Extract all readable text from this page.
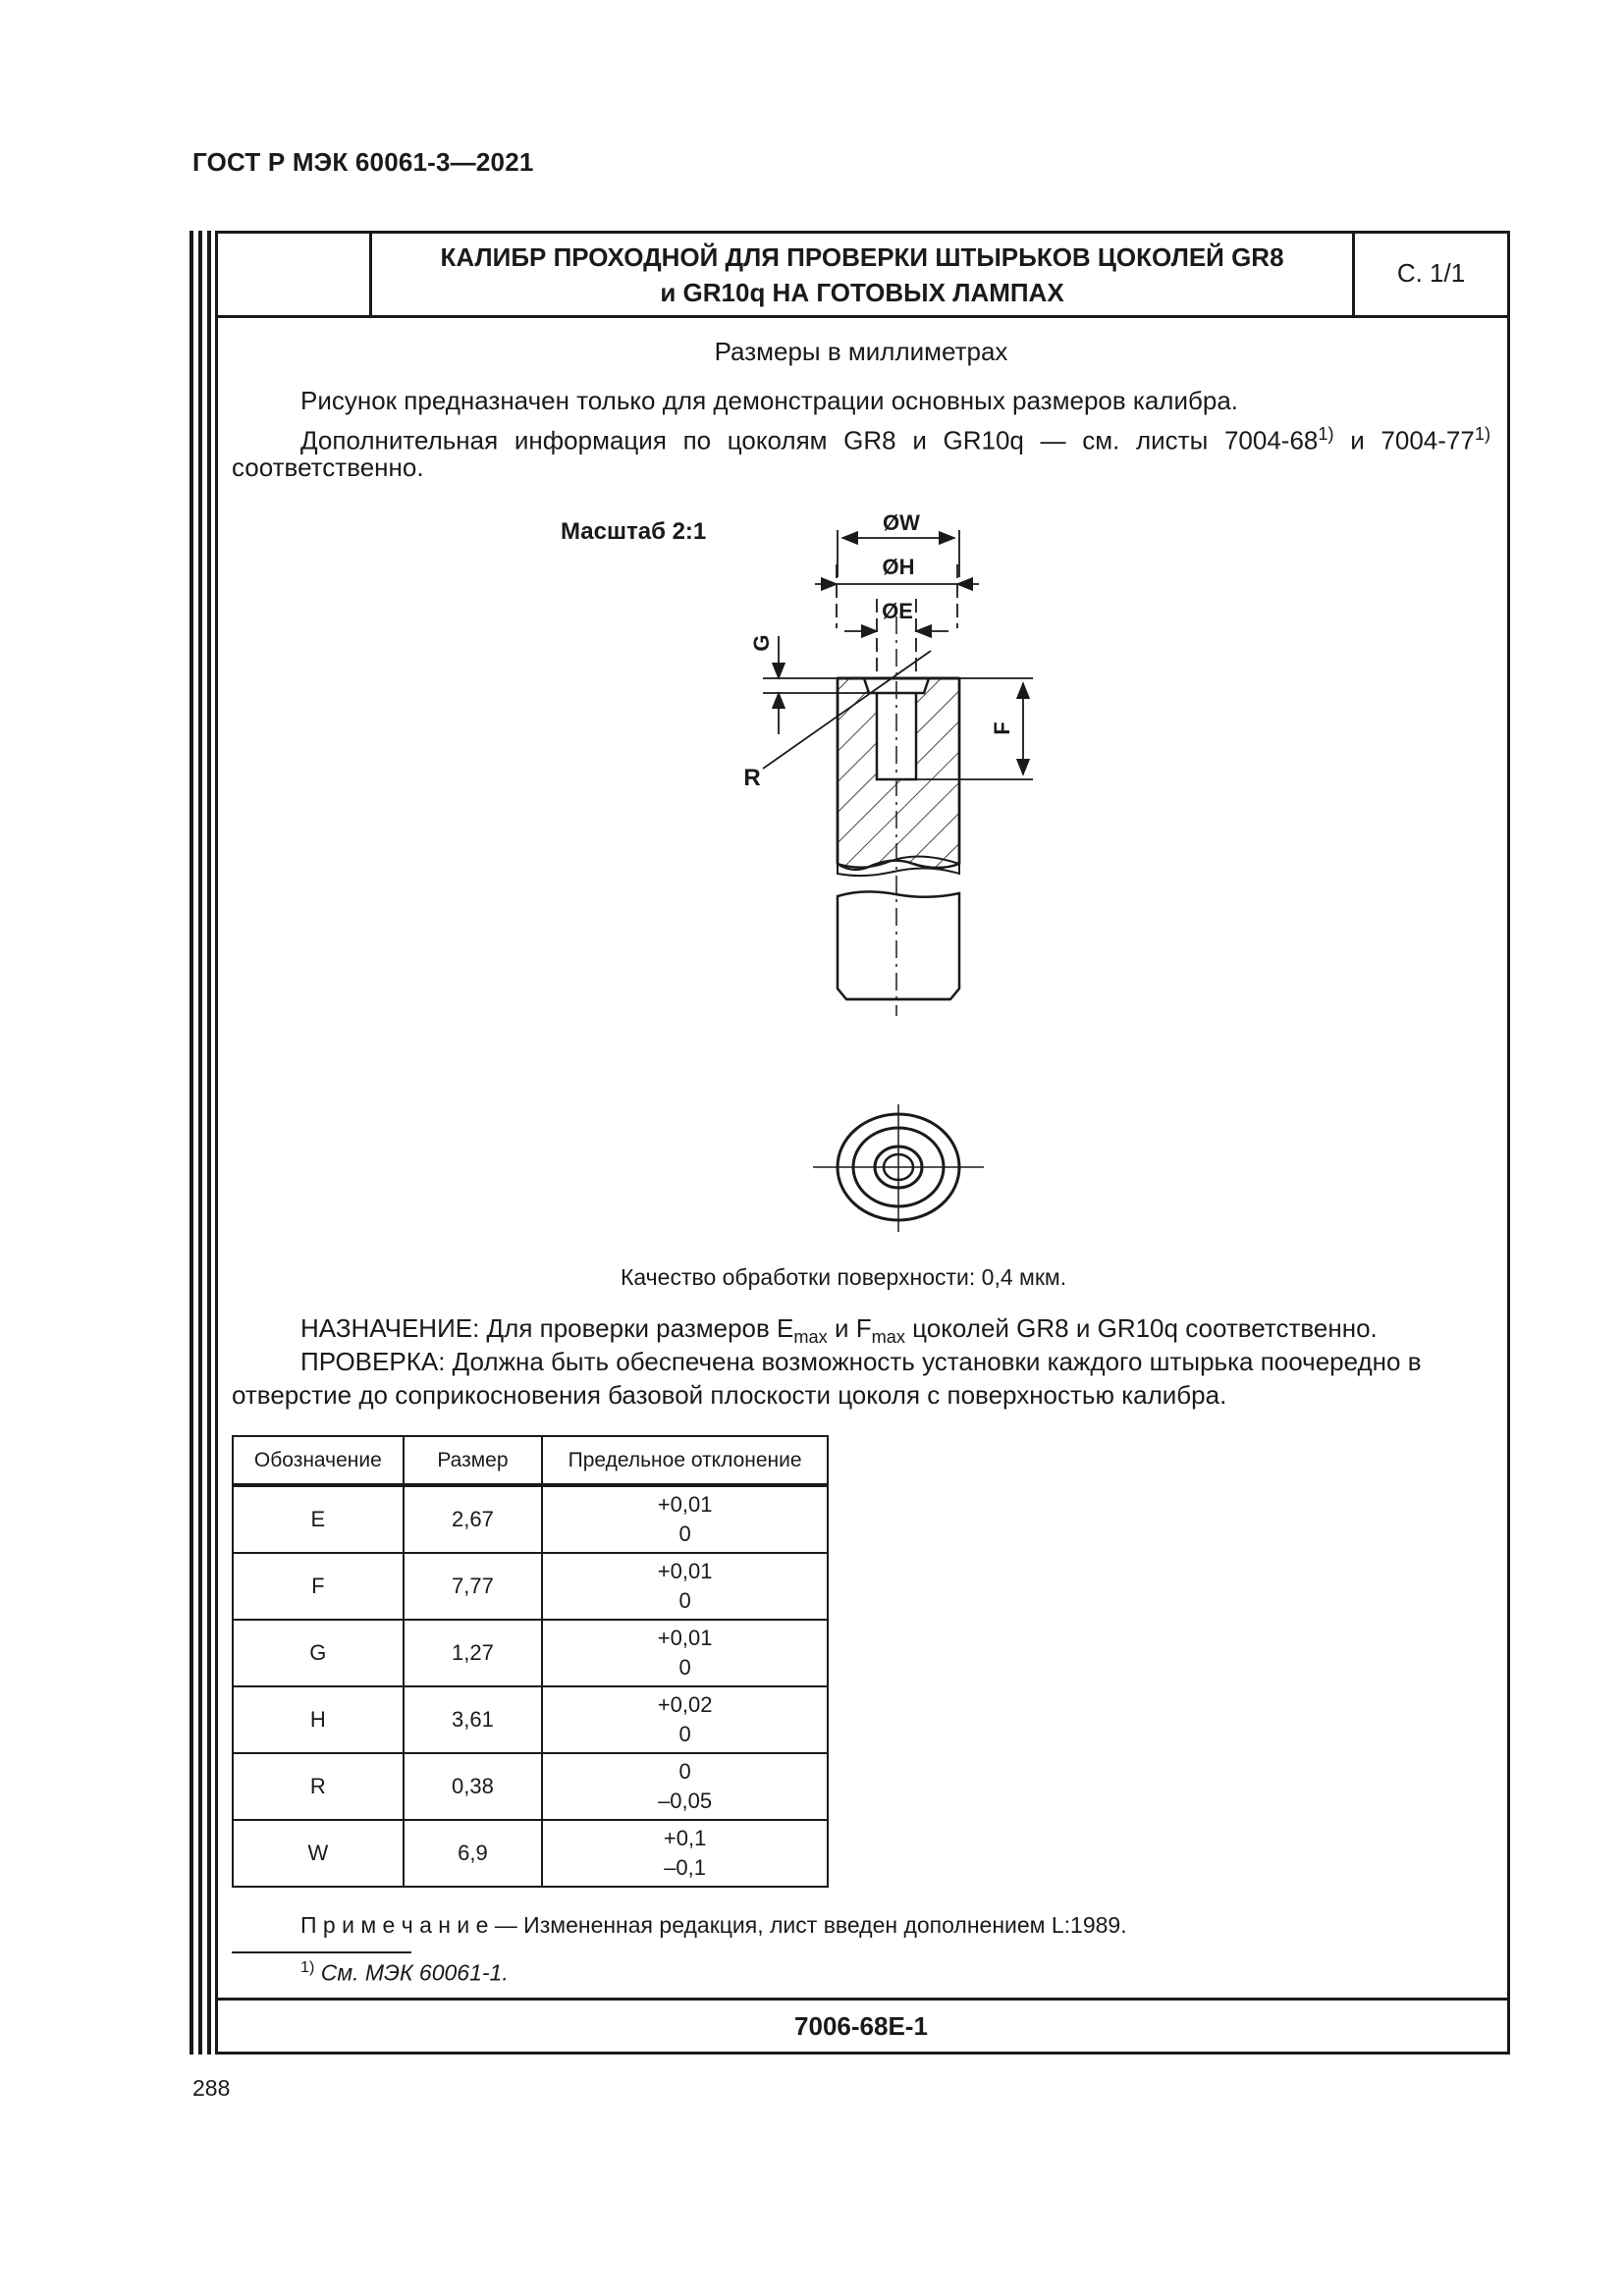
ГОСТ Р МЭК 60061-3—2021
КАЛИБР ПРОХОДНОЙ ДЛЯ ПРОВЕРКИ ШТЫРЬКОВ ЦОКОЛЕЙ GR8
и GR10q НА ГОТОВЫХ ЛАМПАХ
С. 1/1
Размеры в миллиметрах
Рисунок предназначен только для демонстрации основных размеров калибра.
Дополнительная информация по цоколям GR8 и GR10q — см. листы 7004-68$^{1)}$ и 7004-77$^{1)}$
соответственно.
Масштаб 2:1	ØW
ØH
ØE
G
F
R
Качество обработки поверхности: 0,4 мкм.
НАЗНАЧЕНИЕ: Для проверки размеров $E_{max}$ и $F_{max}$ цоколей GR8 и GR10q соответственно.
ПРОВЕРКА: Должна быть обеспечена возможность установки каждого штырька поочередно в
отверстие до соприкосновения базовой плоскости цоколя с поверхностью калибра.
Обозначение	Размер	Предельное отклонение
E	2,67	+0,01
0

F	7,77	+0,01
0

G	1,27	+0,01
0

H	3,61	+0,02
0

R	0,38	0
–0,05

W	6,9	+0,1
–0,1
П р и м е ч а н и е — Измененная редакция, лист введен дополнением L:1989.
$^{1)}$ См. МЭК 60061-1.
7006-68E-1
288
